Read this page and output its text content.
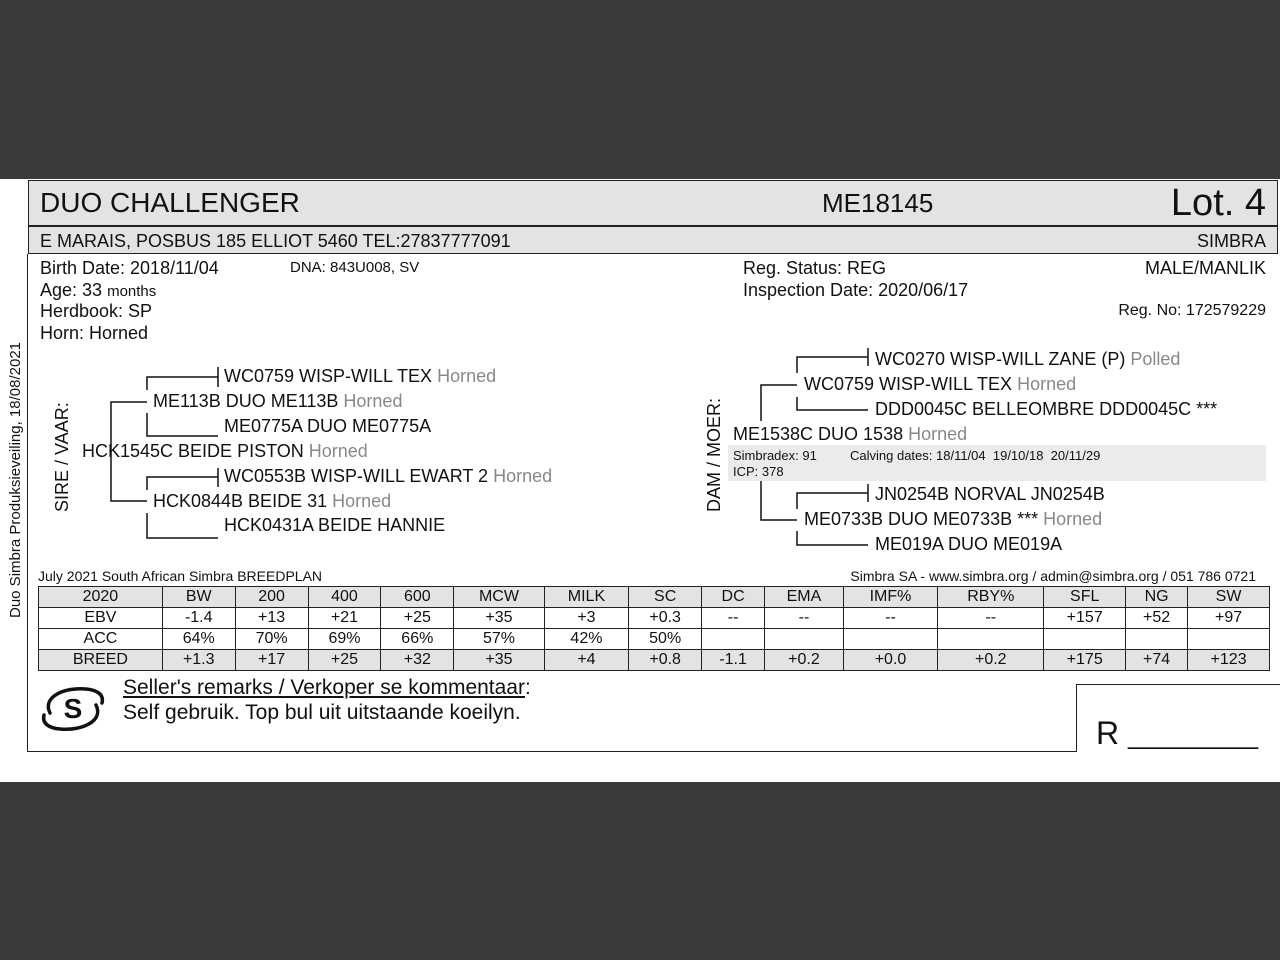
Duo Simbra Produksieveiling, 18/08/2021
DUO CHALLENGER	ME18145	Lot. 4
E MARAIS, POSBUS 185 ELLIOT 5460 TEL:27837777091	SIMBRA
Birth Date: 2018/11/04	DNA: 843U008, SV
Age: 33 months
Herdbook: SP
Horn: Horned
Reg. Status: REG
Inspection Date: 2020/06/17
MALE/MANLIK
Reg. No: 172579229
SIRE / VAAR:
WC0759 WISP-WILL TEX Horned
ME113B DUO ME113B Horned
ME0775A DUO ME0775A
HCK1545C BEIDE PISTON Horned
WC0553B WISP-WILL EWART 2 Horned
HCK0844B BEIDE 31 Horned
HCK0431A BEIDE HANNIE
DAM / MOER:
WC0270 WISP-WILL ZANE (P) Polled
WC0759 WISP-WILL TEX Horned
DDD0045C BELLEOMBRE DDD0045C ***
ME1538C DUO 1538 Horned
Simbradex: 91	Calving dates: 18/11/04  19/10/18  20/11/29
ICP: 378
JN0254B NORVAL JN0254B
ME0733B DUO ME0733B *** Horned
ME019A DUO ME019A
July 2021 South African Simbra BREEDPLAN	Simbra SA - www.simbra.org / admin@simbra.org / 051 786 0721
2020	BW	200	400	600	MCW	MILK	SC	DC	EMA	IMF%	RBY%	SFL	NG	SW
EBV	-1.4	+13	+21	+25	+35	+3	+0.3	--	--	--	--	+157	+52	+97
ACC	64%	70%	69%	66%	57%	42%	50%							
BREED	+1.3	+17	+25	+32	+35	+4	+0.8	-1.1	+0.2	+0.0	+0.2	+175	+74	+123
S
Seller's remarks / Verkoper se kommentaar:
Self gebruik. Top bul uit uitstaande koeilyn.
R _________
